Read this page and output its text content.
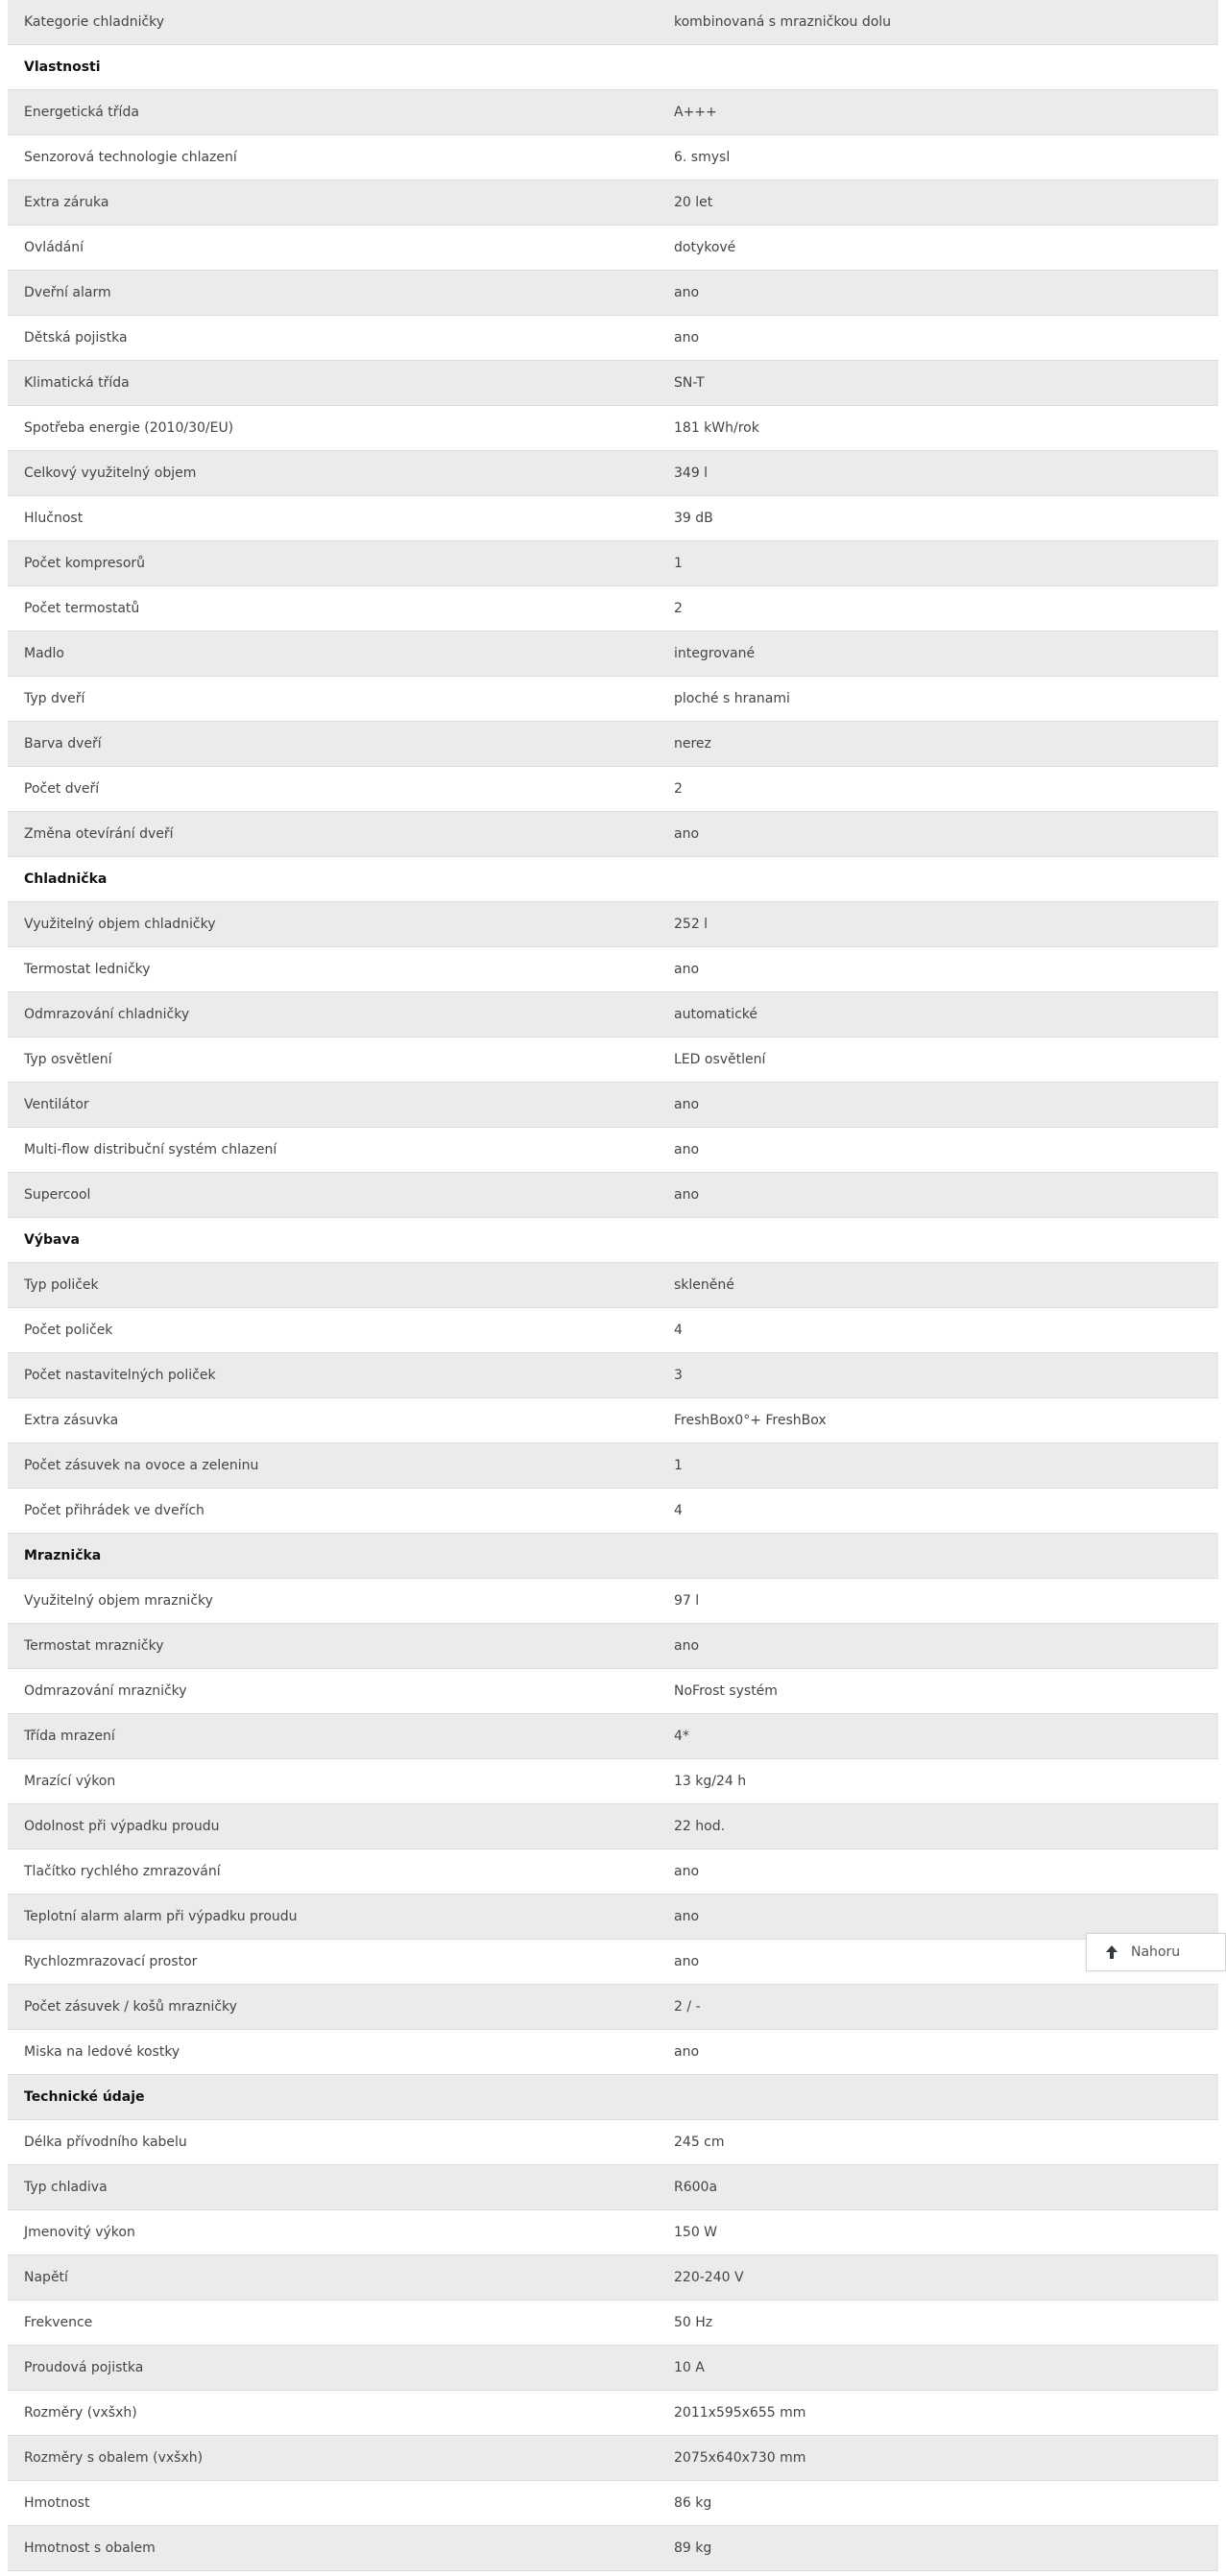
Kategorie chladničky	kombinovaná s mrazničkou dolu
Vlastnosti
Energetická třída	A+++
Senzorová technologie chlazení	6. smysl
Extra záruka	20 let
Ovládání	dotykové
Dveřní alarm	ano
Dětská pojistka	ano
Klimatická třída	SN-T
Spotřeba energie (2010/30/EU)	181 kWh/rok
Celkový využitelný objem	349 l
Hlučnost	39 dB
Počet kompresorů	1
Počet termostatů	2
Madlo	integrované
Typ dveří	ploché s hranami
Barva dveří	nerez
Počet dveří	2
Změna otevírání dveří	ano
Chladnička
Využitelný objem chladničky	252 l
Termostat ledničky	ano
Odmrazování chladničky	automatické
Typ osvětlení	LED osvětlení
Ventilátor	ano
Multi-flow distribuční systém chlazení	ano
Supercool	ano
Výbava
Typ poliček	skleněné
Počet poliček	4
Počet nastavitelných poliček	3
Extra zásuvka	FreshBox0°+ FreshBox
Počet zásuvek na ovoce a zeleninu	1
Počet přihrádek ve dveřích	4
Mraznička
Využitelný objem mrazničky	97 l
Termostat mrazničky	ano
Odmrazování mrazničky	NoFrost systém
Třída mrazení	4*
Mrazící výkon	13 kg/24 h
Odolnost při výpadku proudu	22 hod.
Tlačítko rychlého zmrazování	ano
Teplotní alarm alarm při výpadku proudu	ano
Rychlozmrazovací prostor	ano
Počet zásuvek / košů mrazničky	2 / -
Miska na ledové kostky	ano
Technické údaje
Délka přívodního kabelu	245 cm
Typ chladiva	R600a
Jmenovitý výkon	150 W
Napětí	220-240 V
Frekvence	50 Hz
Proudová pojistka	10 A
Rozměry (vxšxh)	2011x595x655 mm
Rozměry s obalem (vxšxh)	2075x640x730 mm
Hmotnost	86 kg
Hmotnost s obalem	89 kg
Nahoru
